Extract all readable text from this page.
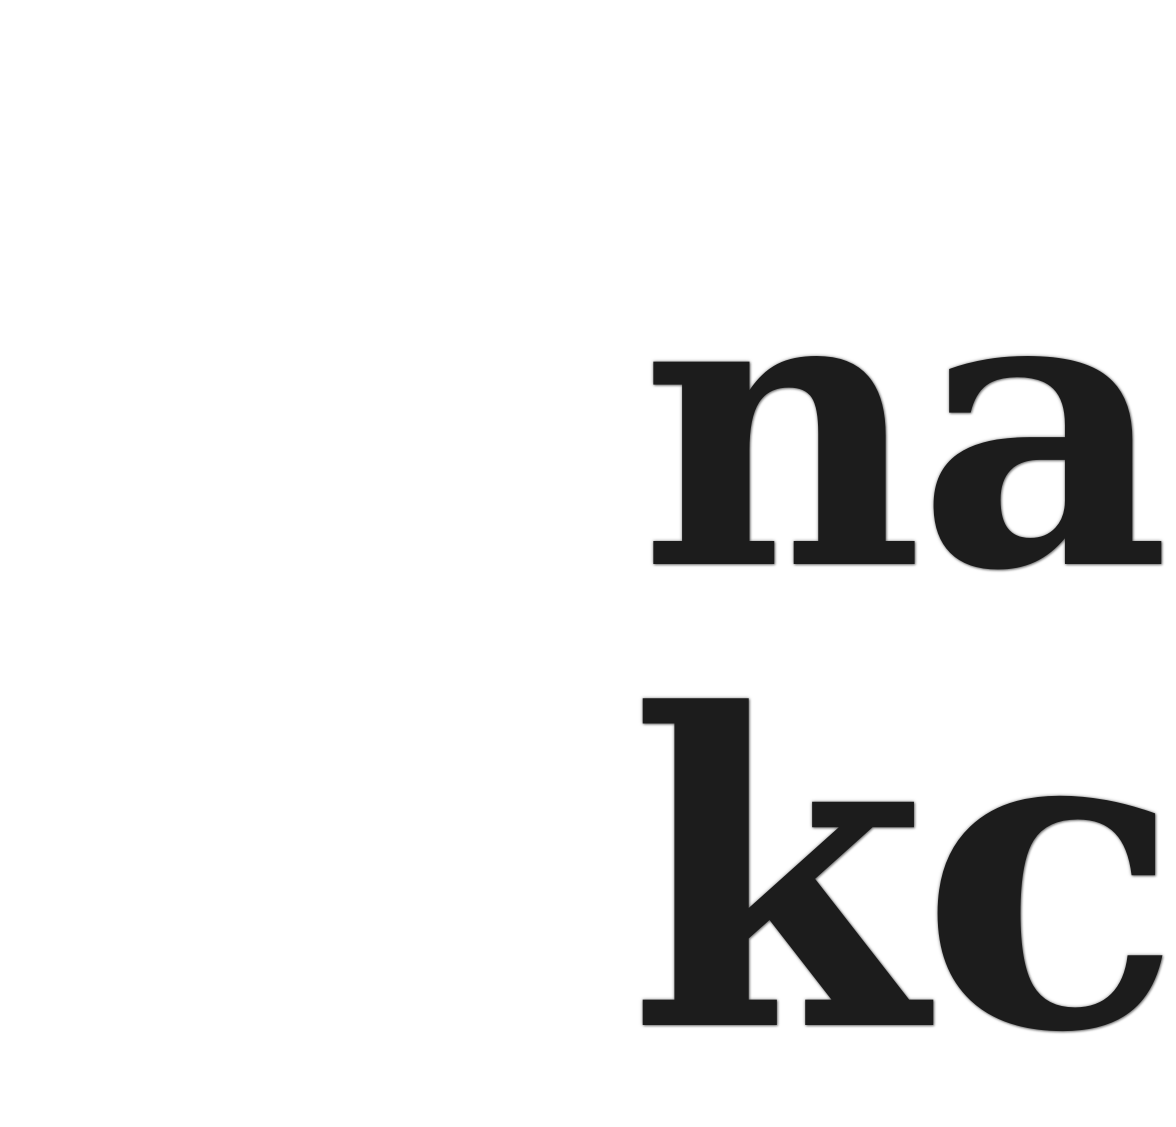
na
kc
